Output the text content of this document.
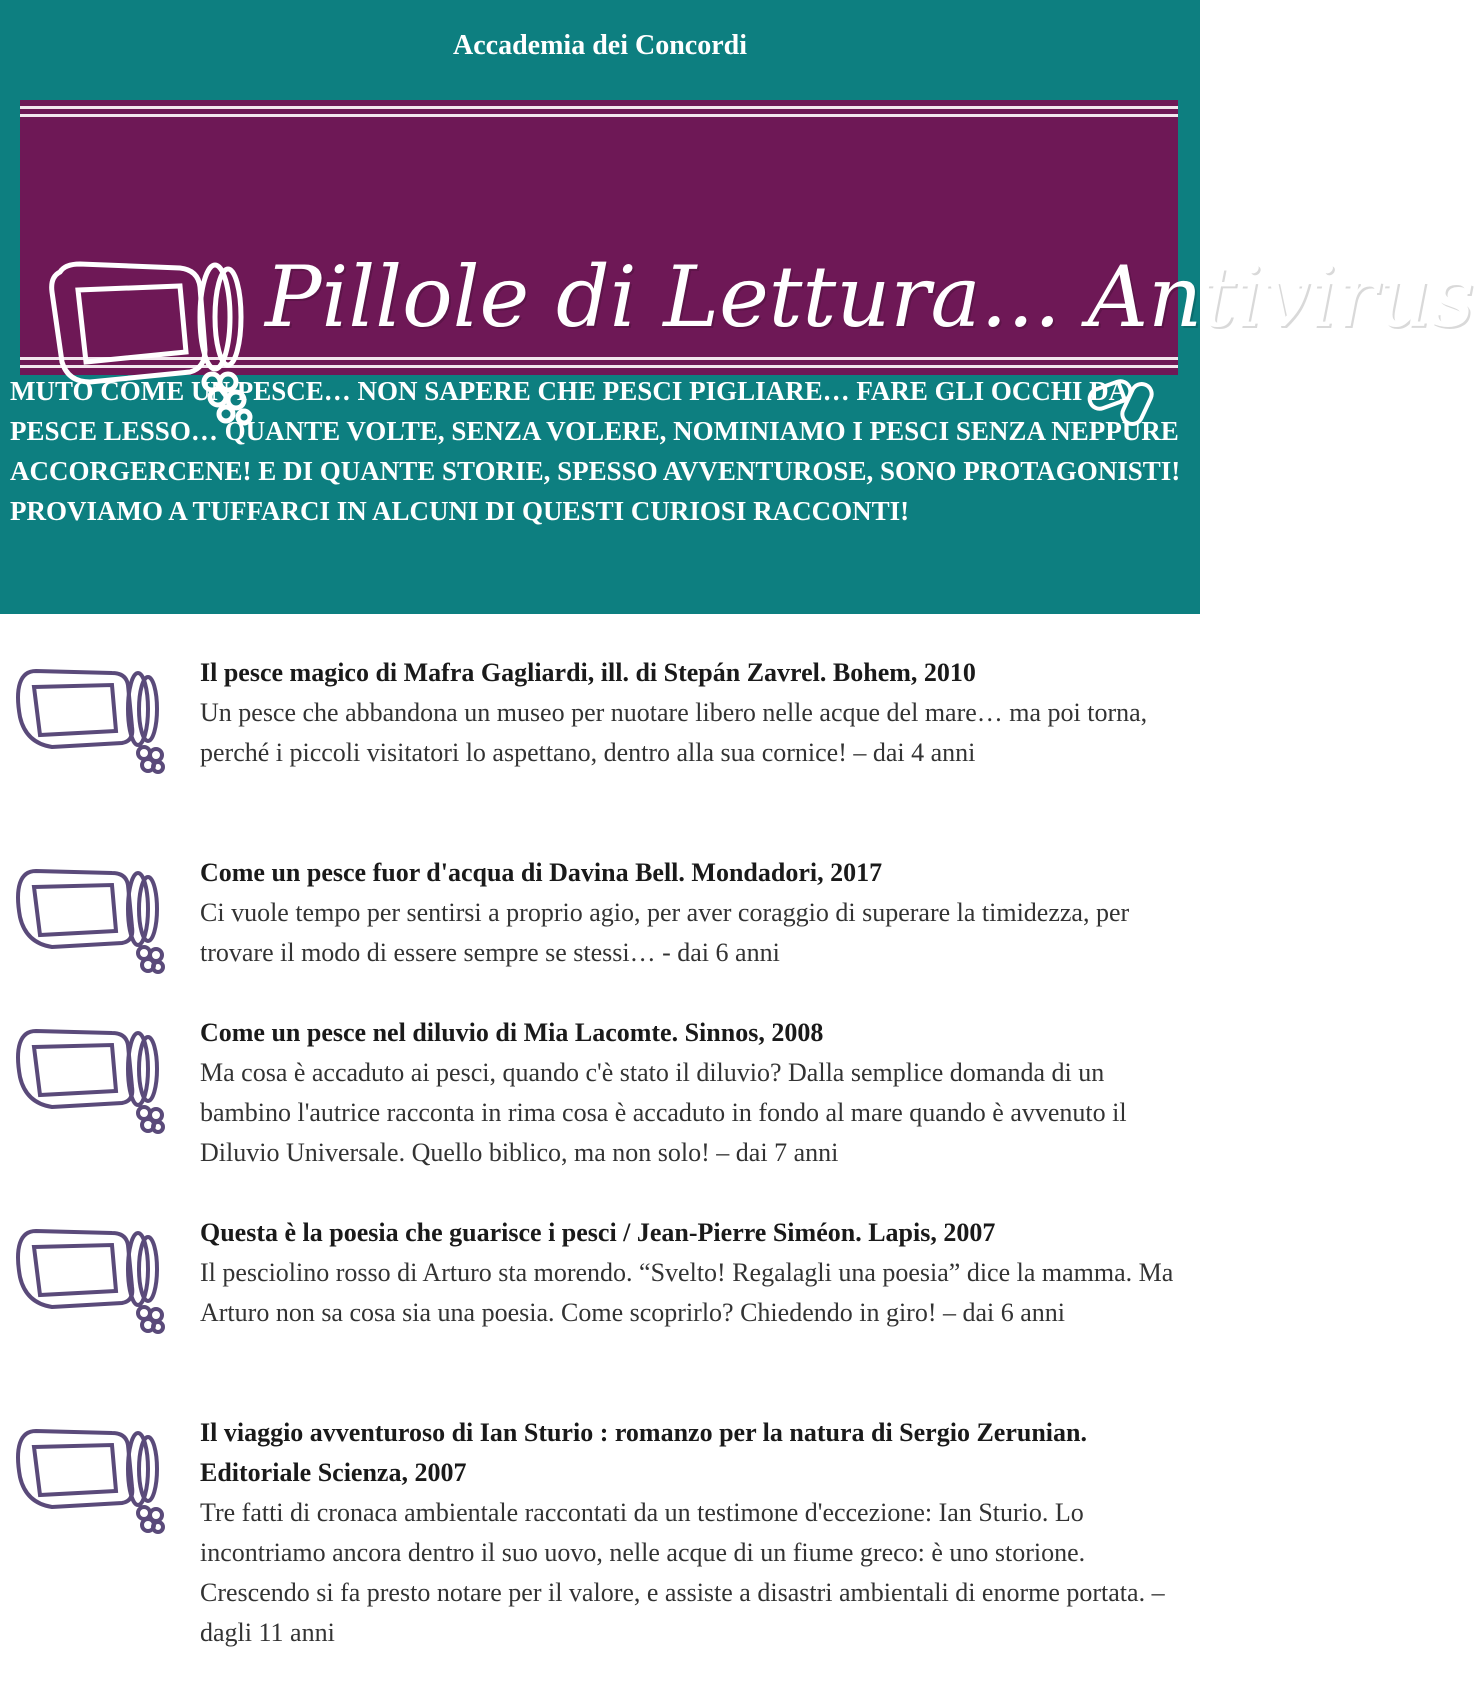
Accademia dei Concordi
Pillole di Lettura... Antivirus
MUTO COME UN PESCE… NON SAPERE CHE PESCI PIGLIARE… FARE GLI OCCHI DA PESCE LESSO… QUANTE VOLTE, SENZA VOLERE, NOMINIAMO I PESCI SENZA NEPPURE ACCORGERCENE! E DI QUANTE STORIE, SPESSO AVVENTUROSE, SONO PROTAGONISTI! PROVIAMO A TUFFARCI IN ALCUNI DI QUESTI CURIOSI RACCONTI!
Il pesce magico di Mafra Gagliardi, ill. di Stepán Zavrel. Bohem, 2010
Un pesce che abbandona un museo per nuotare libero nelle acque del mare… ma poi torna, perché i piccoli visitatori lo aspettano, dentro alla sua cornice! – dai 4 anni
Come un pesce fuor d'acqua di Davina Bell. Mondadori, 2017
Ci vuole tempo per sentirsi a proprio agio, per aver coraggio di superare la timidezza, per trovare il modo di essere sempre se stessi… - dai 6 anni
Come un pesce nel diluvio di Mia Lacomte. Sinnos, 2008
Ma cosa è accaduto ai pesci, quando c'è stato il diluvio? Dalla semplice domanda di un bambino l'autrice racconta in rima cosa è accaduto in fondo al mare quando è avvenuto il Diluvio Universale. Quello biblico, ma non solo! – dai 7 anni
Questa è la poesia che guarisce i pesci / Jean-Pierre Siméon. Lapis, 2007
Il pesciolino rosso di Arturo sta morendo. “Svelto! Regalagli una poesia” dice la mamma. Ma Arturo non sa cosa sia una poesia. Come scoprirlo? Chiedendo in giro! – dai 6 anni
Il viaggio avventuroso di Ian Sturio : romanzo per la natura di Sergio Zerunian. Editoriale Scienza, 2007
Tre fatti di cronaca ambientale raccontati da un testimone d'eccezione: Ian Sturio. Lo incontriamo ancora dentro il suo uovo, nelle acque di un fiume greco: è uno storione. Crescendo si fa presto notare per il valore, e assiste a disastri ambientali di enorme portata. – dagli 11 anni
